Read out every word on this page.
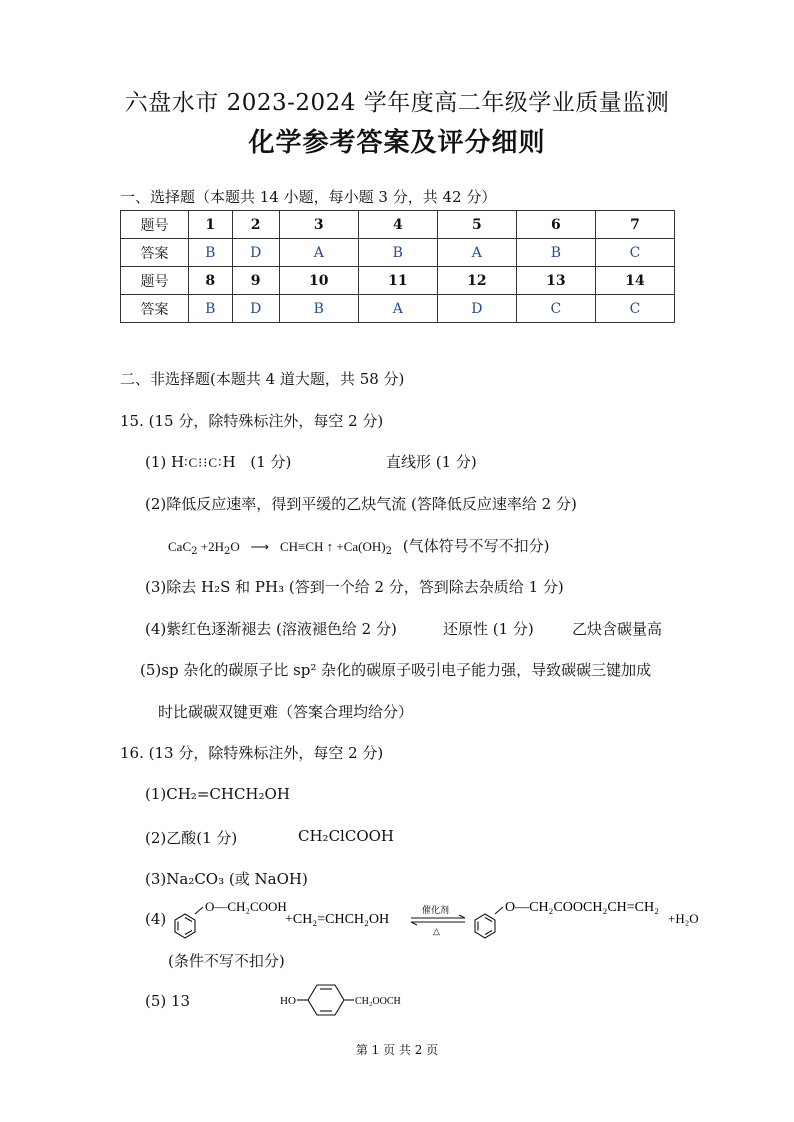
六盘水市 2023-2024 学年度高二年级学业质量监测
化学参考答案及评分细则
一、选择题（本题共 14 小题，每小题 3 分，共 42 分）
题号	1	2	3	4	5	6	7
答案	B	D	A	B	A	B	C
题号	8	9	10	11	12	13	14
答案	B	D	B	A	D	C	C
二、非选择题(本题共 4 道大题，共 58 分)
15. (15 分，除特殊标注外，每空 2 分)
(1) H∶C⁝⁝C∶H (1 分)	直线形 (1 分)
(2)降低反应速率，得到平缓的乙炔气流 (答降低反应速率给 2 分)
$CaC_2 +2H_2O$ ⟶ CH≡CH ↑ $+Ca(OH)_2$ (气体符号不写不扣分)
(3)除去 H₂S 和 PH₃ (答到一个给 2 分，答到除去杂质给 1 分)
(4)紫红色逐渐褪去 (溶液褪色给 2 分)	还原性 (1 分)	乙炔含碳量高
(5)sp 杂化的碳原子比 sp² 杂化的碳原子吸引电子能力强，导致碳碳三键加成
时比碳碳双键更难（答案合理均给分）
16. (13 分，除特殊标注外，每空 2 分)
(1)CH₂=CHCH₂OH
(2)乙酸(1 分)	CH₂ClCOOH
(3)Na₂CO₃ (或 NaOH)
(4)
O—CH₂COOH
+CH₂=CHCH₂OH
催化剂
△
O—CH₂COOCH₂CH=CH₂
+H₂O
(条件不写不扣分)
(5) 13	HO	CH₂OOCH
第 1 页 共 2 页
